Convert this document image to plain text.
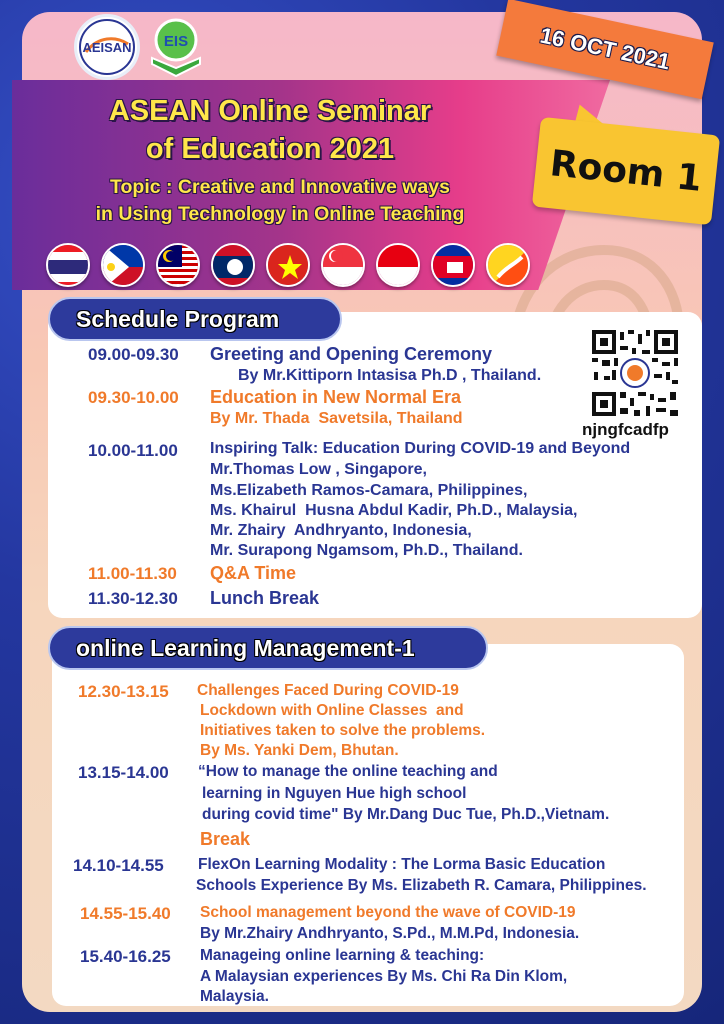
AEISAN EIS
ASEAN Online Seminar
of Education 2021
Topic : Creative and Innovative ways
in Using Technology in Online Teaching
16 OCT 2021
Room 1
Schedule Program
njngfcadfp
09.00-09.30 Greeting and Opening Ceremony
By Mr.Kittiporn Intasisa Ph.D , Thailand.
09.30-10.00 Education in New Normal Era
By Mr. Thada  Savetsila, Thailand
10.00-11.00 Inspiring Talk: Education During COVID-19 and Beyond
Mr.Thomas Low , Singapore,
Ms.Elizabeth Ramos-Camara, Philippines,
Ms. Khairul  Husna Abdul Kadir, Ph.D., Malaysia,
Mr. Zhairy  Andhryanto, Indonesia,
Mr. Surapong Ngamsom, Ph.D., Thailand.
11.00-11.30 Q&A Time
11.30-12.30 Lunch Break
online Learning Management-1
12.30-13.15 Challenges Faced During COVID-19
Lockdown with Online Classes  and
Initiatives taken to solve the problems.
By Ms. Yanki Dem, Bhutan.
13.15-14.00 “How to manage the online teaching and
learning in Nguyen Hue high school
during covid time" By Mr.Dang Duc Tue, Ph.D.,Vietnam.
Break
14.10-14.55 FlexOn Learning Modality : The Lorma Basic Education
Schools Experience By Ms. Elizabeth R. Camara, Philippines.
14.55-15.40 School management beyond the wave of COVID-19
By Mr.Zhairy Andhryanto, S.Pd., M.M.Pd, Indonesia.
15.40-16.25 Manageing online learning & teaching:
A Malaysian experiences By Ms. Chi Ra Din Klom,
Malaysia.
